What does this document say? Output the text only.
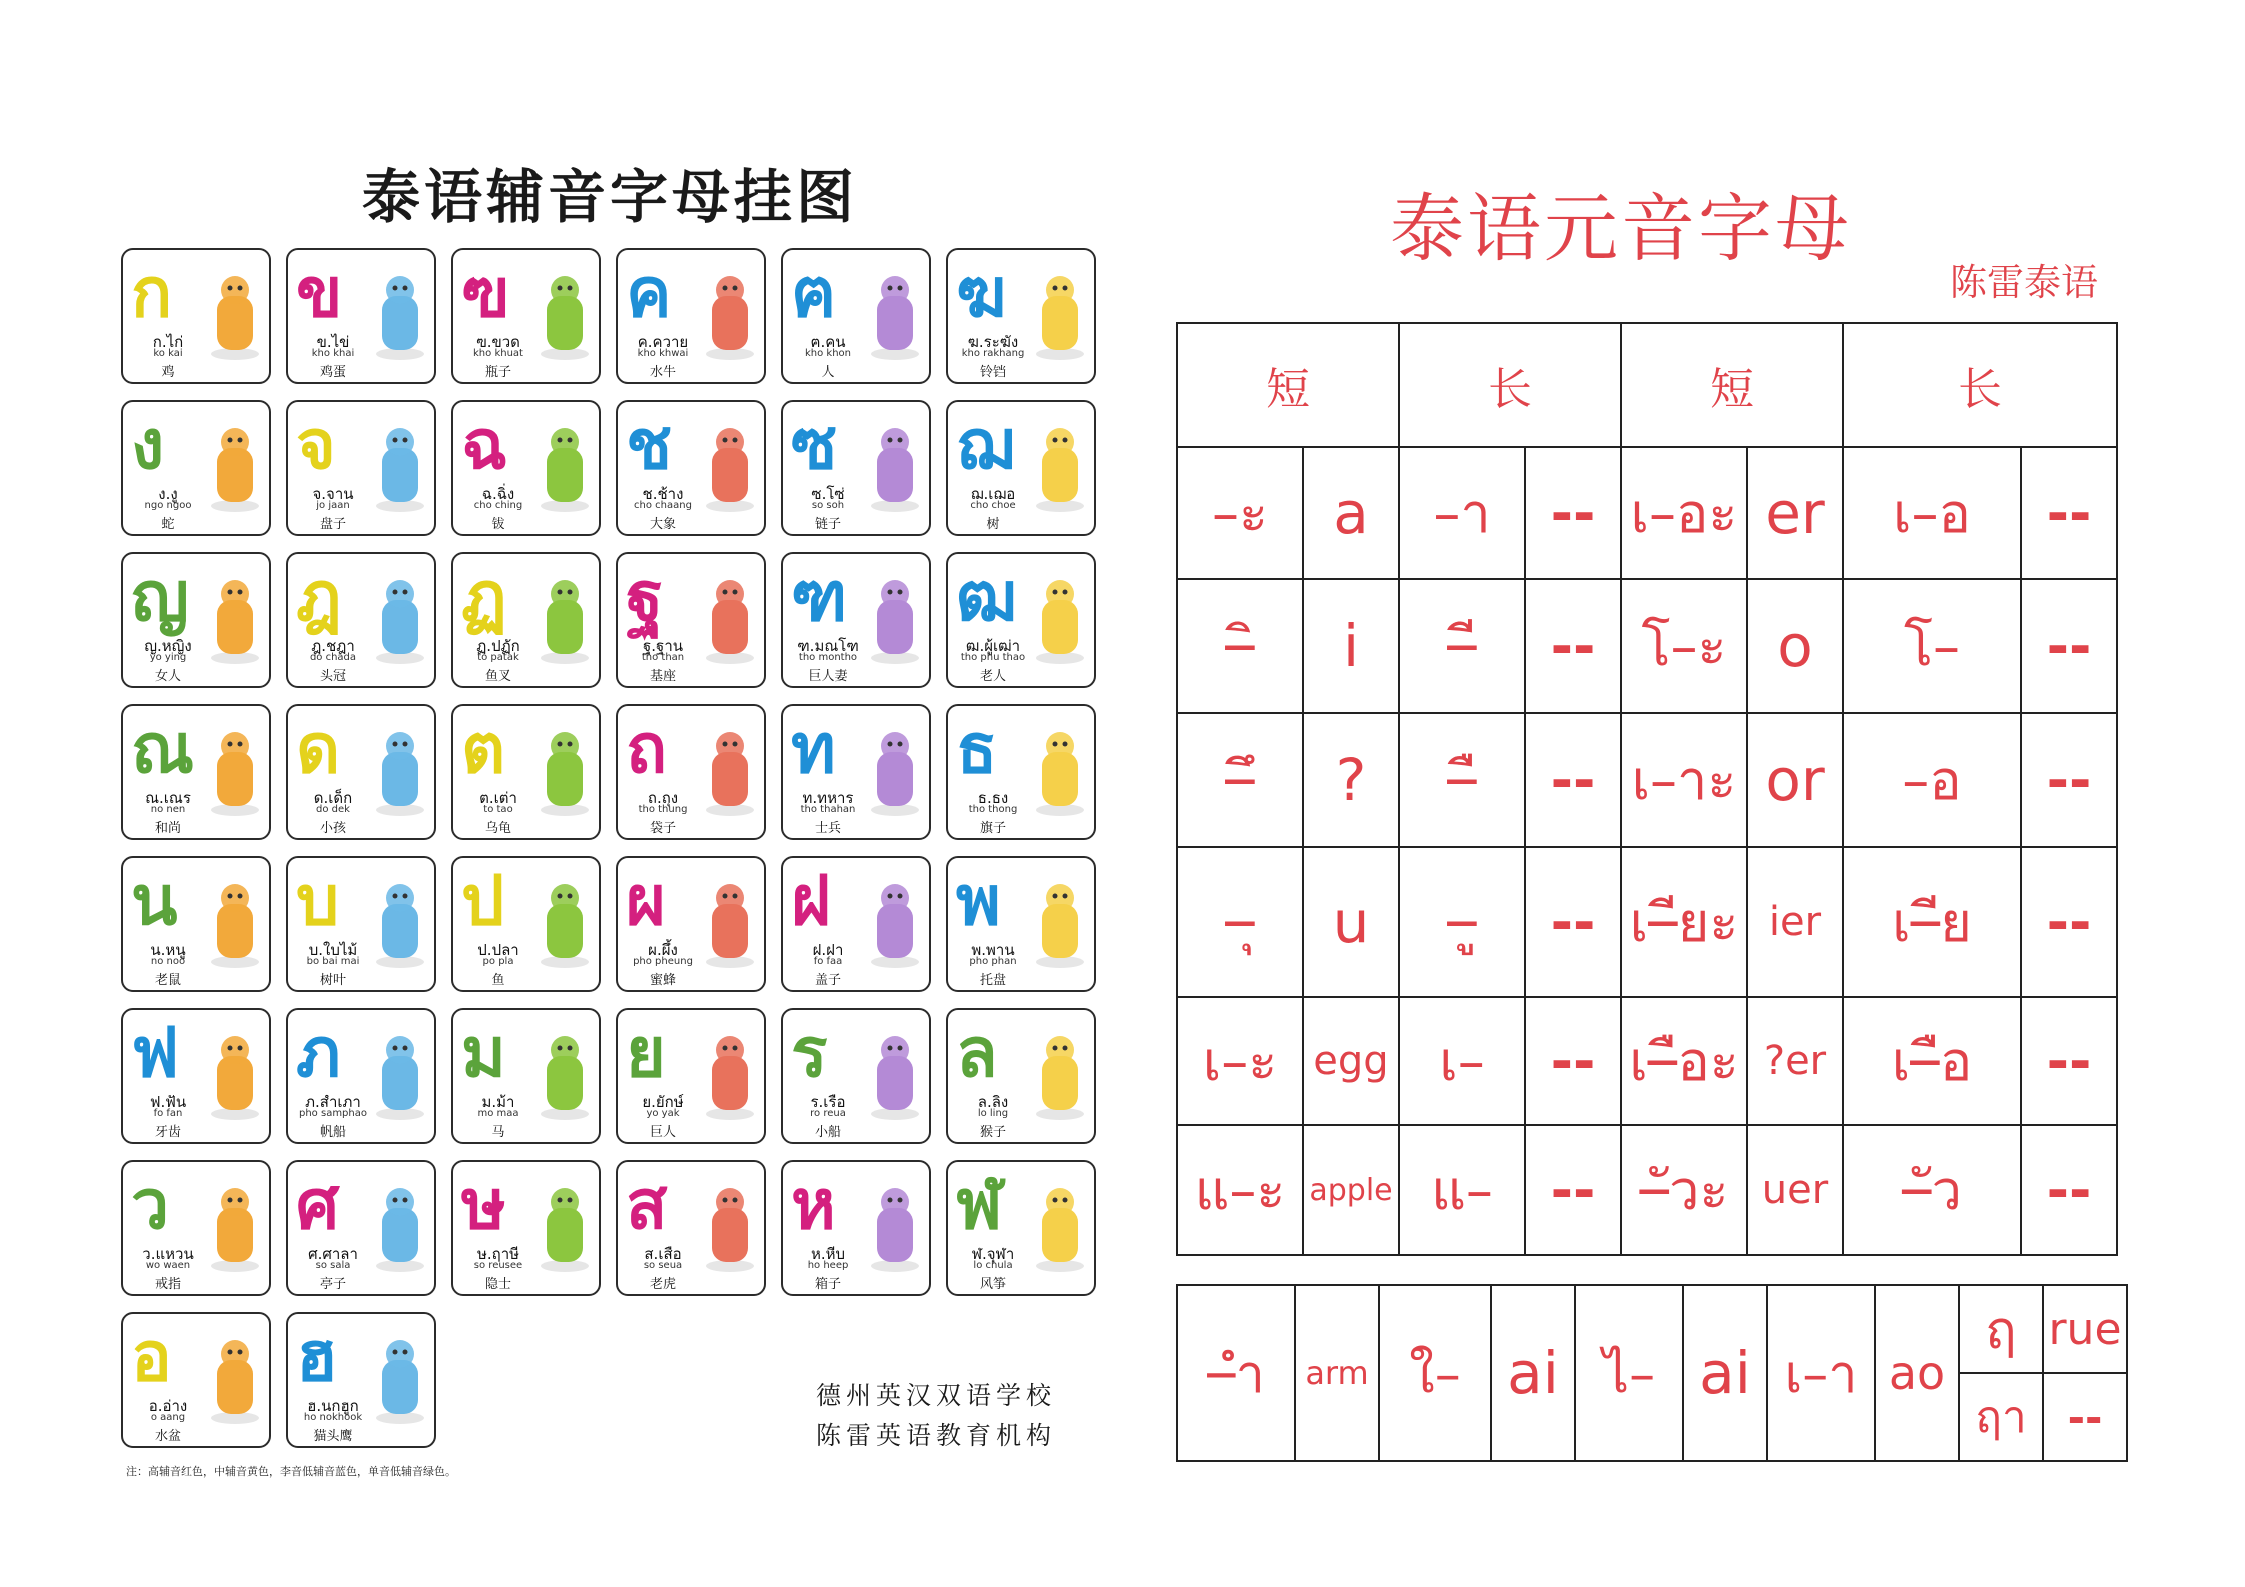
泰语辅音字母挂图
ก
ก.ไก่
ko kai
鸡
ข
ข.ไข่
kho khai
鸡蛋
ฃ
ฃ.ขวด
kho khuat
瓶子
ค
ค.ควาย
kho khwai
水牛
ฅ
ฅ.คน
kho khon
人
ฆ
ฆ.ระฆัง
kho rakhang
铃铛
ง
ง.งู
ngo ngoo
蛇
จ
จ.จาน
jo jaan
盘子
ฉ
ฉ.ฉิ่ง
cho ching
钹
ช
ช.ช้าง
cho chaang
大象
ซ
ซ.โซ่
so soh
链子
ฌ
ฌ.เฌอ
cho choe
树
ญ
ญ.หญิง
yo ying
女人
ฎ
ฎ.ชฎา
do chada
头冠
ฏ
ฏ.ปฏัก
to patak
鱼叉
ฐ
ฐ.ฐาน
tho than
基座
ฑ
ฑ.มณโฑ
tho montho
巨人妻
ฒ
ฒ.ผู้เฒ่า
tho phu thao
老人
ณ
ณ.เณร
no nen
和尚
ด
ด.เด็ก
do dek
小孩
ต
ต.เต่า
to tao
乌龟
ถ
ถ.ถุง
tho thung
袋子
ท
ท.ทหาร
tho thahan
士兵
ธ
ธ.ธง
tho thong
旗子
น
น.หนู
no noo
老鼠
บ
บ.ใบไม้
bo bai mai
树叶
ป
ป.ปลา
po pla
鱼
ผ
ผ.ผึ้ง
pho pheung
蜜蜂
ฝ
ฝ.ฝา
fo faa
盖子
พ
พ.พาน
pho phan
托盘
ฟ
ฟ.ฟัน
fo fan
牙齿
ภ
ภ.สำเภา
pho samphao
帆船
ม
ม.ม้า
mo maa
马
ย
ย.ยักษ์
yo yak
巨人
ร
ร.เรือ
ro reua
小船
ล
ล.ลิง
lo ling
猴子
ว
ว.แหวน
wo waen
戒指
ศ
ศ.ศาลา
so sala
亭子
ษ
ษ.ฤาษี
so reusee
隐士
ส
ส.เสือ
so seua
老虎
ห
ห.หีบ
ho heep
箱子
ฬ
ฬ.จุฬา
lo chula
风筝
อ
อ.อ่าง
o aang
水盆
ฮ
ฮ.นกฮูก
ho nokhook
猫头鹰
德州英汉双语学校
陈雷英语教育机构
注：高辅音红色，中辅音黄色，李音低辅音蓝色，单音低辅音绿色。
泰语元音字母
陈雷泰语
短		长		短		长	
–ะ	a	–า	--	เ–อะ	er	เ–อ	--
–ิ	i	–ี	--	โ–ะ	o	โ–	--
–ึ	?	–ื	--	เ–าะ	or	–อ	--
–ุ	u	–ู	--	เ–ียะ	ier	เ–ีย	--
เ–ะ	egg	เ–	--	เ–ือะ	?er	เ–ือ	--
แ–ะ	apple	แ–	--	–ัวะ	uer	–ัว	--
–ำ	arm	ใ–	ai	ไ–	ai	เ–า	ao	ฤ	rue
								ฤา	--
